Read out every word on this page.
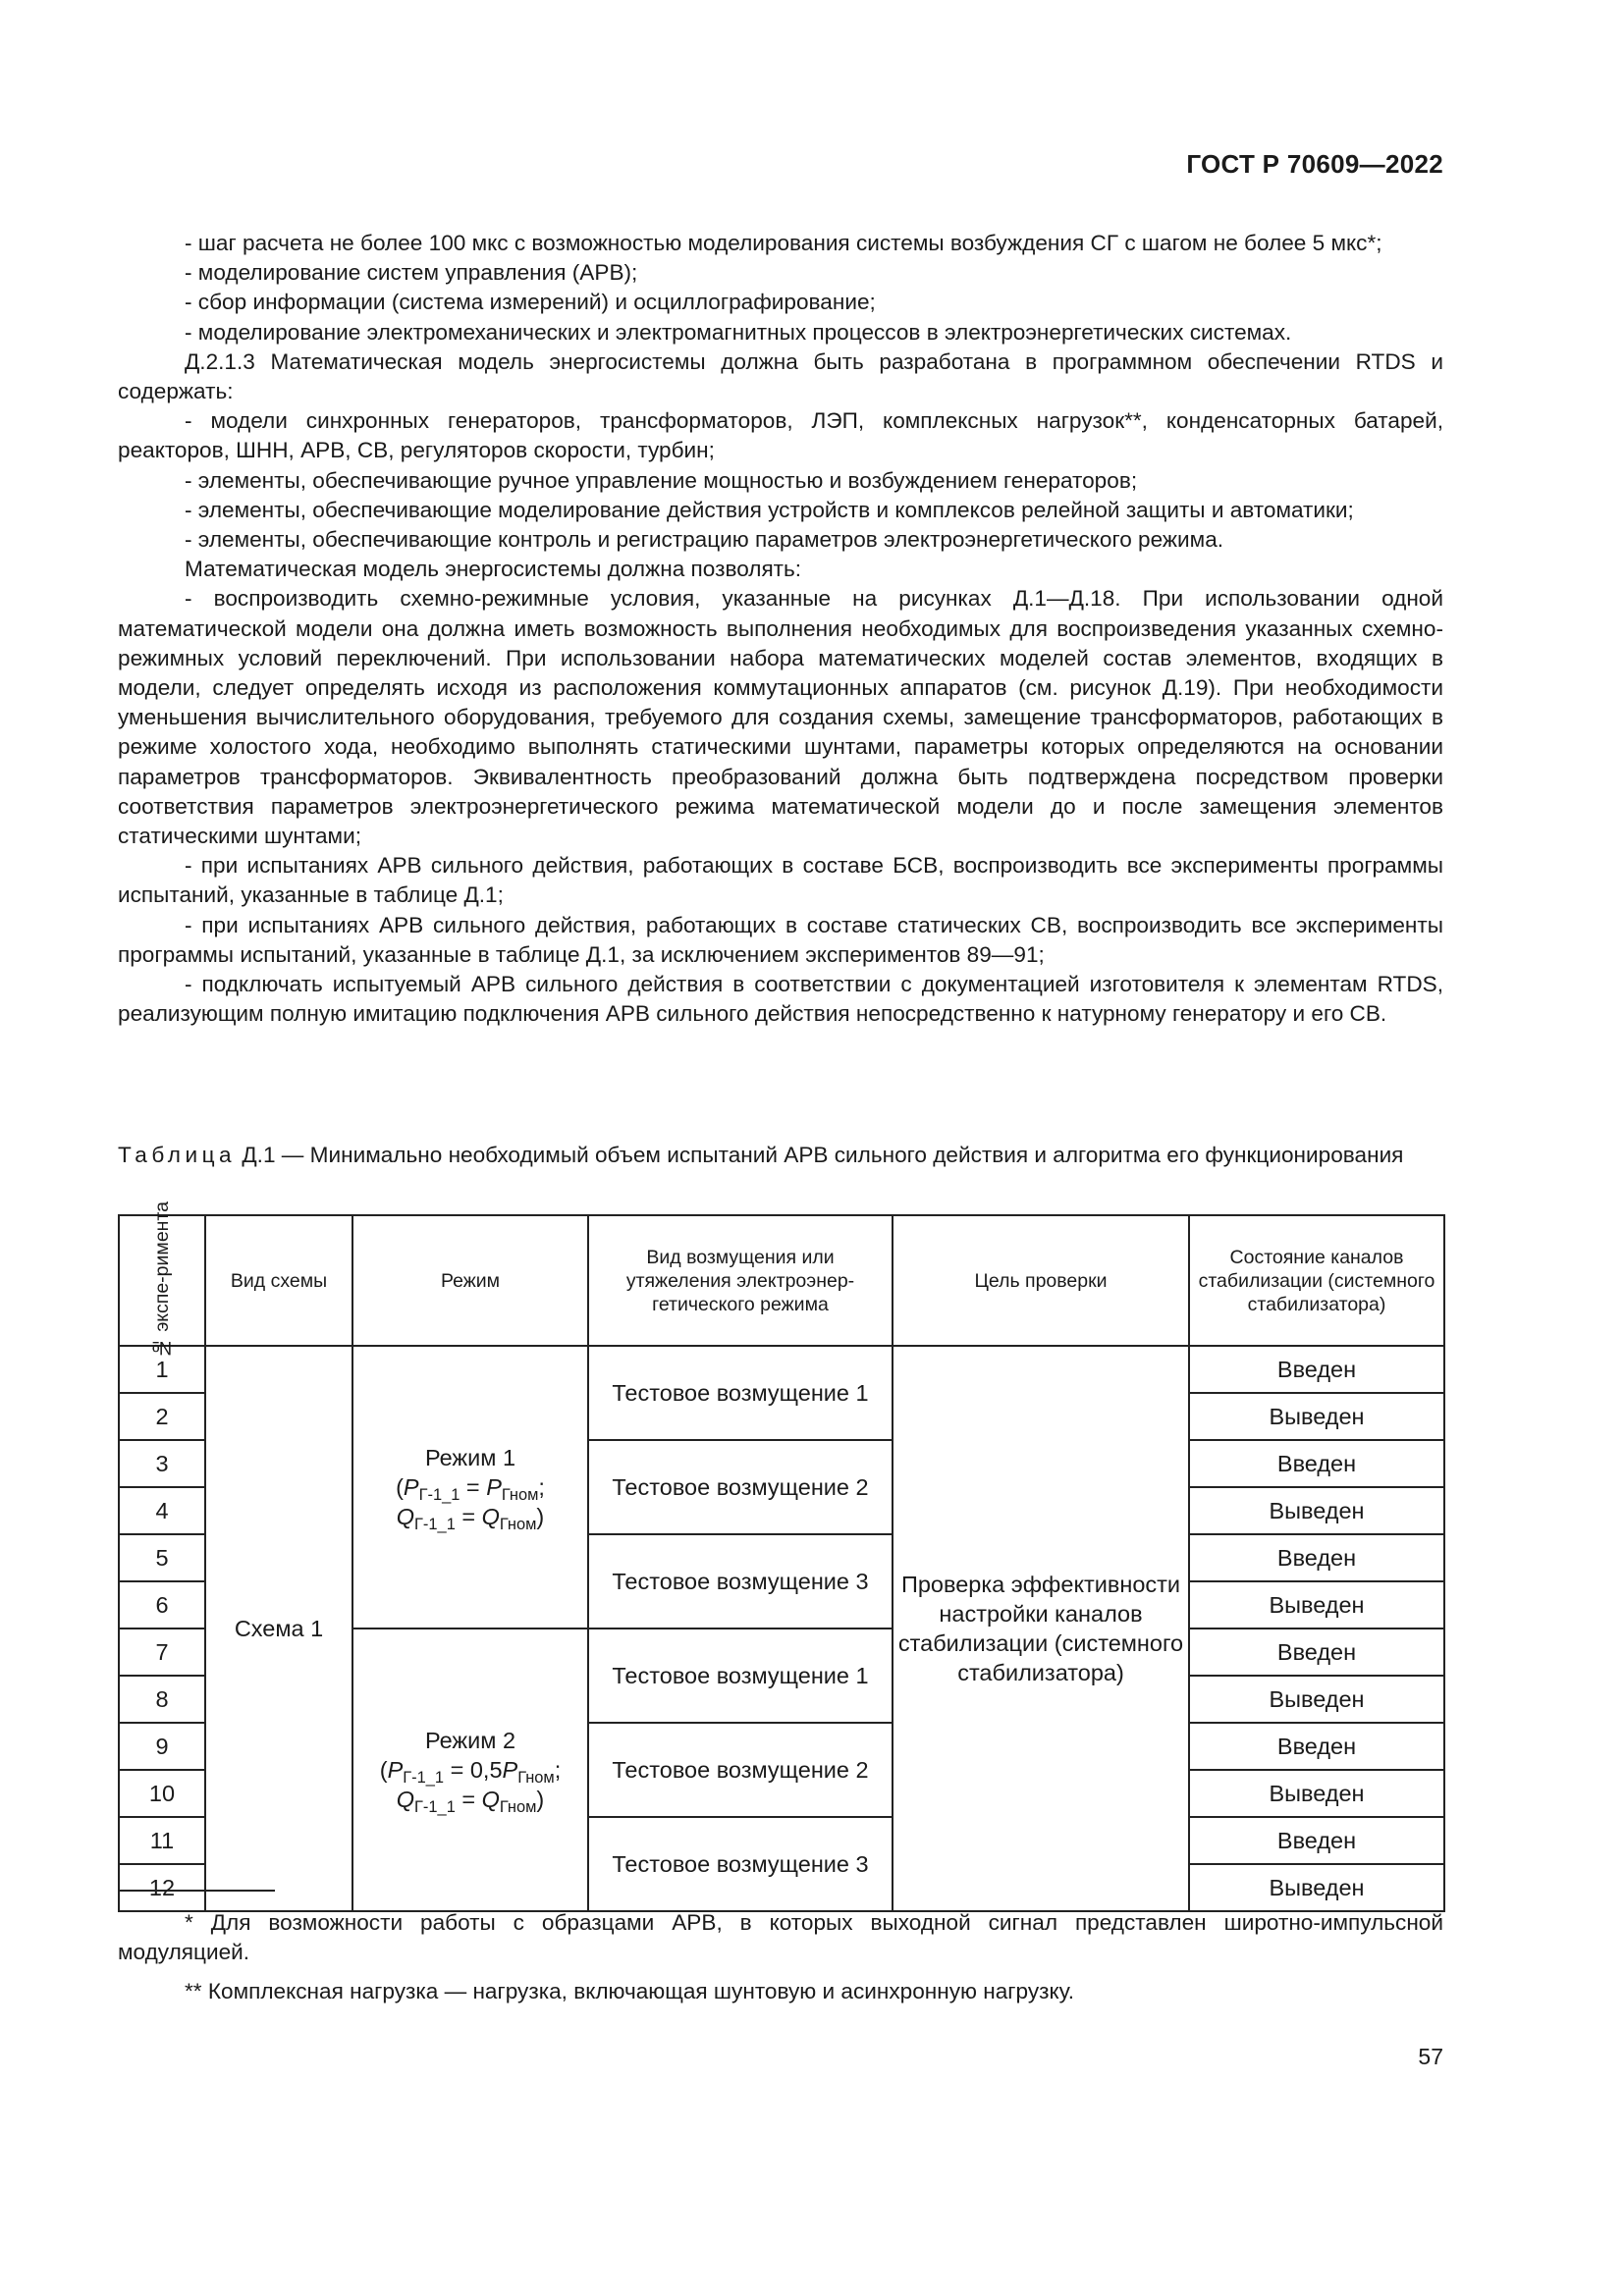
ГОСТ Р 70609—2022

- шаг расчета не более 100 мкс с возможностью моделирования системы возбуждения СГ с шагом не более 5 мкс*;

- моделирование систем управления (АРВ);

- сбор информации (система измерений) и осциллографирование;

- моделирование электромеханических и электромагнитных процессов в электроэнергетических системах.

Д.2.1.3 Математическая модель энергосистемы должна быть разработана в программном обеспечении RTDS и содержать:

- модели синхронных генераторов, трансформаторов, ЛЭП, комплексных нагрузок**, конденсаторных батарей, реакторов, ШНН, АРВ, СВ, регуляторов скорости, турбин;

- элементы, обеспечивающие ручное управление мощностью и возбуждением генераторов;

- элементы, обеспечивающие моделирование действия устройств и комплексов релейной защиты и автоматики;

- элементы, обеспечивающие контроль и регистрацию параметров электроэнергетического режима.

Математическая модель энергосистемы должна позволять:

- воспроизводить схемно-режимные условия, указанные на рисунках Д.1—Д.18. При использовании одной математической модели она должна иметь возможность выполнения необходимых для воспроизведения указанных схемно-режимных условий переключений. При использовании набора математических моделей состав элементов, входящих в модели, следует определять исходя из расположения коммутационных аппаратов (см. рисунок Д.19). При необходимости уменьшения вычислительного оборудования, требуемого для создания схемы, замещение трансформаторов, работающих в режиме холостого хода, необходимо выполнять статическими шунтами, параметры которых определяются на основании параметров трансформаторов. Эквивалентность преобразований должна быть подтверждена посредством проверки соответствия параметров электроэнергетического режима математической модели до и после замещения элементов статическими шунтами;

- при испытаниях АРВ сильного действия, работающих в составе БСВ, воспроизводить все эксперименты программы испытаний, указанные в таблице Д.1;

- при испытаниях АРВ сильного действия, работающих в составе статических СВ, воспроизводить все эксперименты программы испытаний, указанные в таблице Д.1, за исключением экспериментов 89—91;

- подключать испытуемый АРВ сильного действия в соответствии с документацией изготовителя к элементам RTDS, реализующим полную имитацию подключения АРВ сильного действия непосредственно к натурному генератору и его СВ.

Таблица Д.1 — Минимально необходимый объем испытаний АРВ сильного действия и алгоритма его функционирования
№ экспе-римента	Вид схемы	Режим	Вид возмущения или утяжеления электроэнер-гетического режима	Цель проверки	Состояние каналов стабилизации (системного стабилизатора)
1	Схема 1	Режим 1
($P_{Г-1\_1} = P_{Гном}$;
$Q_{Г-1\_1} = Q_{Гном}$)	Тестовое возмущение 1	Проверка эффективности настройки каналов стабилизации (системного стабилизатора)	Введен
2					Выведен
3			Тестовое возмущение 2		Введен
4					Выведен
5			Тестовое возмущение 3		Введен
6					Выведен
7		Режим 2
($P_{Г-1\_1} = 0,5P_{Гном}$;
$Q_{Г-1\_1} = Q_{Гном}$)	Тестовое возмущение 1		Введен
8					Выведен
9			Тестовое возмущение 2		Введен
10					Выведен
11			Тестовое возмущение 3		Введен
12					Выведен

* Для возможности работы с образцами АРВ, в которых выходной сигнал представлен широтно-импульсной модуляцией.

** Комплексная нагрузка — нагрузка, включающая шунтовую и асинхронную нагрузку.

57
